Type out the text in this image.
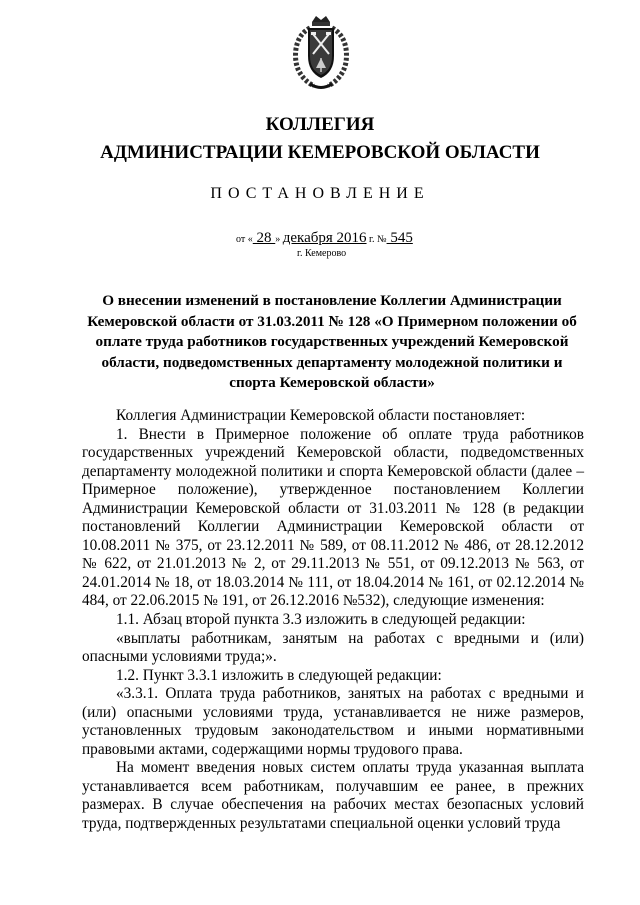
КОЛЛЕГИЯ
АДМИНИСТРАЦИИ КЕМЕРОВСКОЙ ОБЛАСТИ
ПОСТАНОВЛЕНИЕ
от « 28 » декабря 2016 г. № 545
г. Кемерово
О внесении изменений в постановление Коллегии Администрации Кемеровской области от 31.03.2011 № 128 «О Примерном положении об оплате труда работников государственных учреждений Кемеровской области, подведомственных департаменту молодежной политики и спорта Кемеровской области»

Коллегия Администрации Кемеровской области постановляет:

1. Внести в Примерное положение об оплате труда работников государственных учреждений Кемеровской области, подведомственных департаменту молодежной политики и спорта Кемеровской области (далее – Примерное положение), утвержденное постановлением Коллегии Администрации Кемеровской области от 31.03.2011 № 128 (в редакции постановлений Коллегии Администрации Кемеровской области от 10.08.2011 № 375, от 23.12.2011 № 589, от 08.11.2012 № 486, от 28.12.2012 № 622, от 21.01.2013 № 2, от 29.11.2013 № 551, от 09.12.2013 № 563, от 24.01.2014 № 18, от 18.03.2014 № 111, от 18.04.2014 № 161, от 02.12.2014 № 484, от 22.06.2015 № 191, от 26.12.2016 №532), следующие изменения:

1.1. Абзац второй пункта 3.3 изложить в следующей редакции:

«выплаты работникам, занятым на работах с вредными и (или) опасными условиями труда;».

1.2. Пункт 3.3.1 изложить в следующей редакции:

«3.3.1. Оплата труда работников, занятых на работах с вредными и (или) опасными условиями труда, устанавливается не ниже размеров, установленных трудовым законодательством и иными нормативными правовыми актами, содержащими нормы трудового права.

На момент введения новых систем оплаты труда указанная выплата устанавливается всем работникам, получавшим ее ранее, в прежних размерах. В случае обеспечения на рабочих местах безопасных условий труда, подтвержденных результатами специальной оценки условий труда
